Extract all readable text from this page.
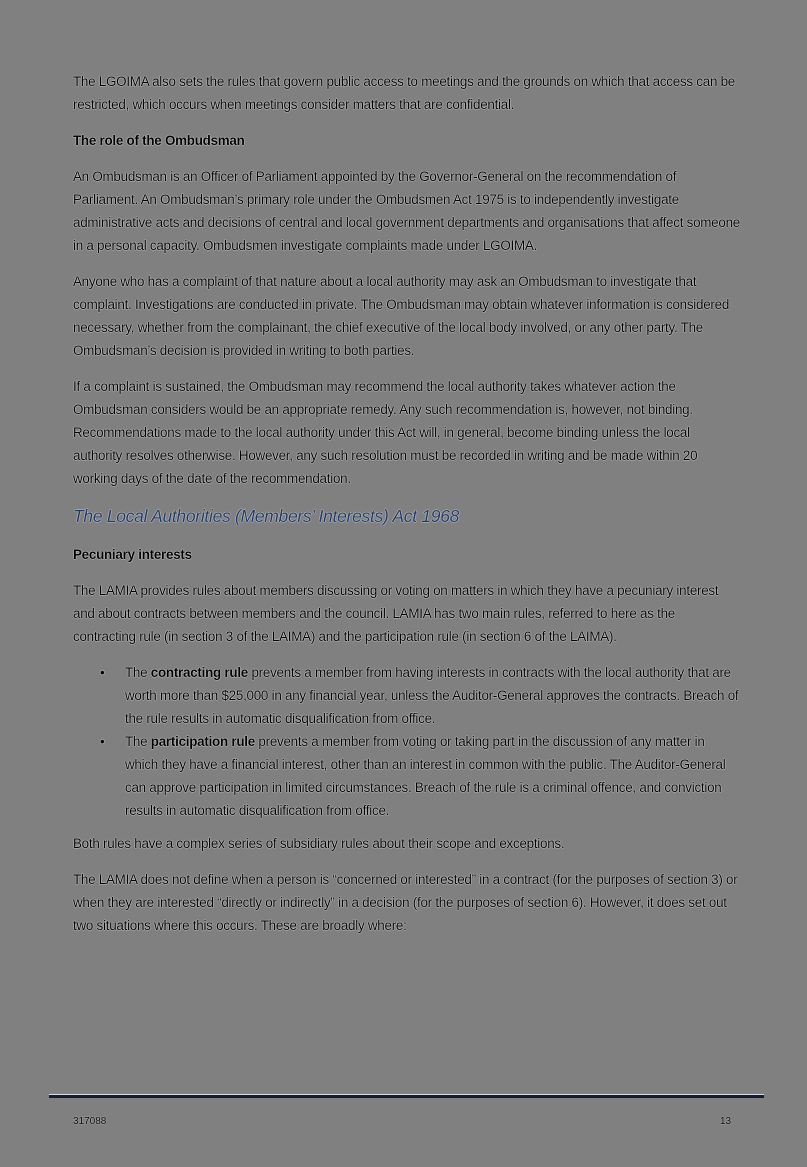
The LGOIMA also sets the rules that govern public access to meetings and the grounds on which that access can be restricted, which occurs when meetings consider matters that are confidential.

The role of the Ombudsman

An Ombudsman is an Officer of Parliament appointed by the Governor-General on the recommendation of Parliament. An Ombudsman’s primary role under the Ombudsmen Act 1975 is to independently investigate administrative acts and decisions of central and local government departments and organisations that affect someone in a personal capacity. Ombudsmen investigate complaints made under LGOIMA.

Anyone who has a complaint of that nature about a local authority may ask an Ombudsman to investigate that complaint. Investigations are conducted in private. The Ombudsman may obtain whatever information is considered necessary, whether from the complainant, the chief executive of the local body involved, or any other party. The Ombudsman’s decision is provided in writing to both parties.

If a complaint is sustained, the Ombudsman may recommend the local authority takes whatever action the Ombudsman considers would be an appropriate remedy. Any such recommendation is, however, not binding. Recommendations made to the local authority under this Act will, in general, become binding unless the local authority resolves otherwise. However, any such resolution must be recorded in writing and be made within 20 working days of the date of the recommendation.

The Local Authorities (Members’ Interests) Act 1968
Pecuniary interests

The LAMIA provides rules about members discussing or voting on matters in which they have a pecuniary interest and about contracts between members and the council. LAMIA has two main rules, referred to here as the contracting rule (in section 3 of the LAIMA) and the participation rule (in section 6 of the LAIMA).

• The contracting rule prevents a member from having interests in contracts with the local authority that are worth more than $25,000 in any financial year, unless the Auditor-General approves the contracts. Breach of the rule results in automatic disqualification from office.
• The participation rule prevents a member from voting or taking part in the discussion of any matter in which they have a financial interest, other than an interest in common with the public. The Auditor-General can approve participation in limited circumstances. Breach of the rule is a criminal offence, and conviction results in automatic disqualification from office.

Both rules have a complex series of subsidiary rules about their scope and exceptions.

The LAMIA does not define when a person is “concerned or interested” in a contract (for the purposes of section 3) or when they are interested “directly or indirectly” in a decision (for the purposes of section 6). However, it does set out two situations where this occurs. These are broadly where:

317088	13
